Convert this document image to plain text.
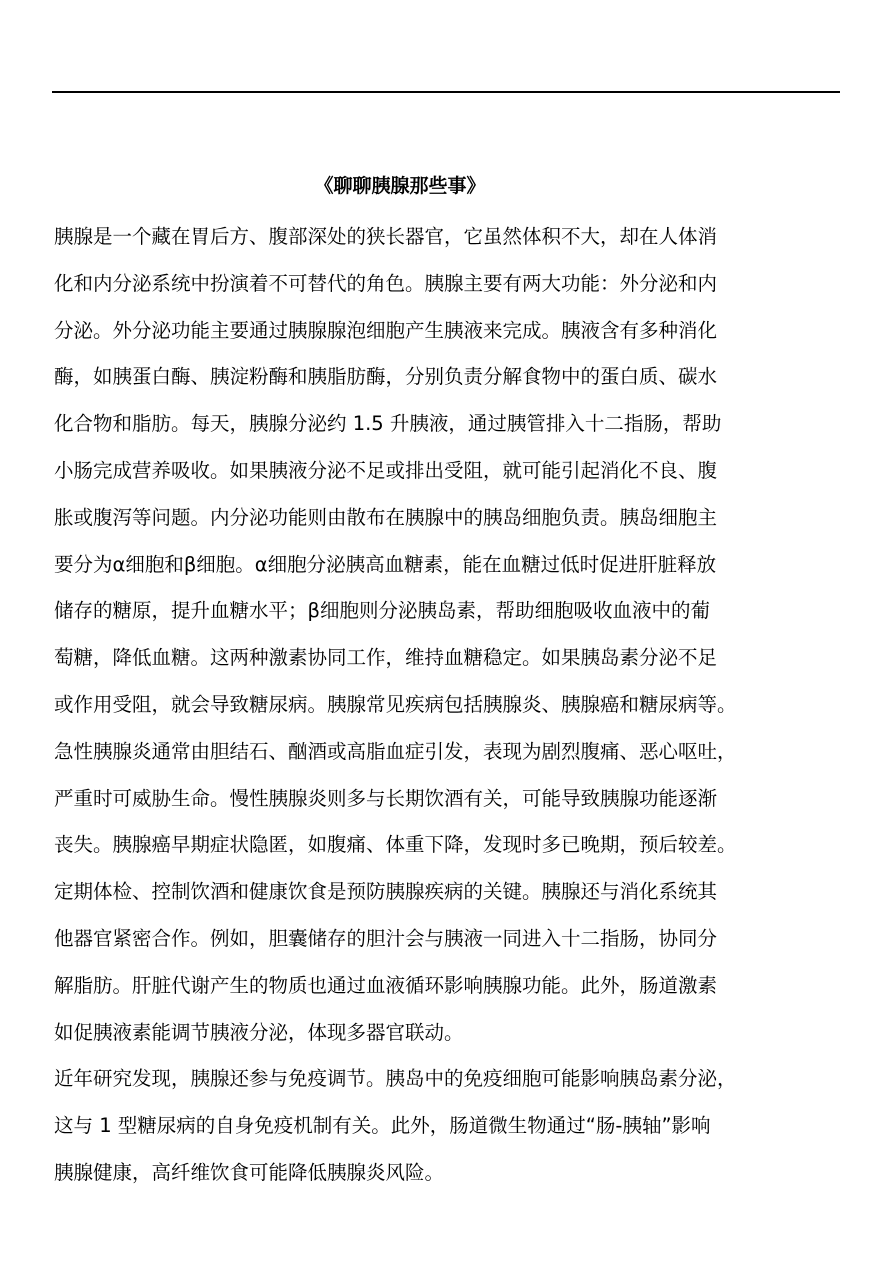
《聊聊胰腺那些事》
胰腺是一个藏在胃后方、腹部深处的狭长器官，它虽然体积不大，却在人体消
化和内分泌系统中扮演着不可替代的角色。胰腺主要有两大功能：外分泌和内
分泌。外分泌功能主要通过胰腺腺泡细胞产生胰液来完成。胰液含有多种消化
酶，如胰蛋白酶、胰淀粉酶和胰脂肪酶，分别负责分解食物中的蛋白质、碳水
化合物和脂肪。每天，胰腺分泌约 1.5 升胰液，通过胰管排入十二指肠，帮助
小肠完成营养吸收。如果胰液分泌不足或排出受阻，就可能引起消化不良、腹
胀或腹泻等问题。内分泌功能则由散布在胰腺中的胰岛细胞负责。胰岛细胞主
要分为α细胞和β细胞。α细胞分泌胰高血糖素，能在血糖过低时促进肝脏释放
储存的糖原，提升血糖水平；β细胞则分泌胰岛素，帮助细胞吸收血液中的葡
萄糖，降低血糖。这两种激素协同工作，维持血糖稳定。如果胰岛素分泌不足
或作用受阻，就会导致糖尿病。胰腺常见疾病包括胰腺炎、胰腺癌和糖尿病等。
急性胰腺炎通常由胆结石、酗酒或高脂血症引发，表现为剧烈腹痛、恶心呕吐，
严重时可威胁生命。慢性胰腺炎则多与长期饮酒有关，可能导致胰腺功能逐渐
丧失。胰腺癌早期症状隐匿，如腹痛、体重下降，发现时多已晚期，预后较差。
定期体检、控制饮酒和健康饮食是预防胰腺疾病的关键。胰腺还与消化系统其
他器官紧密合作。例如，胆囊储存的胆汁会与胰液一同进入十二指肠，协同分
解脂肪。肝脏代谢产生的物质也通过血液循环影响胰腺功能。此外，肠道激素
如促胰液素能调节胰液分泌，体现多器官联动。
近年研究发现，胰腺还参与免疫调节。胰岛中的免疫细胞可能影响胰岛素分泌，
这与 1 型糖尿病的自身免疫机制有关。此外，肠道微生物通过“肠-胰轴”影响
胰腺健康，高纤维饮食可能降低胰腺炎风险。
